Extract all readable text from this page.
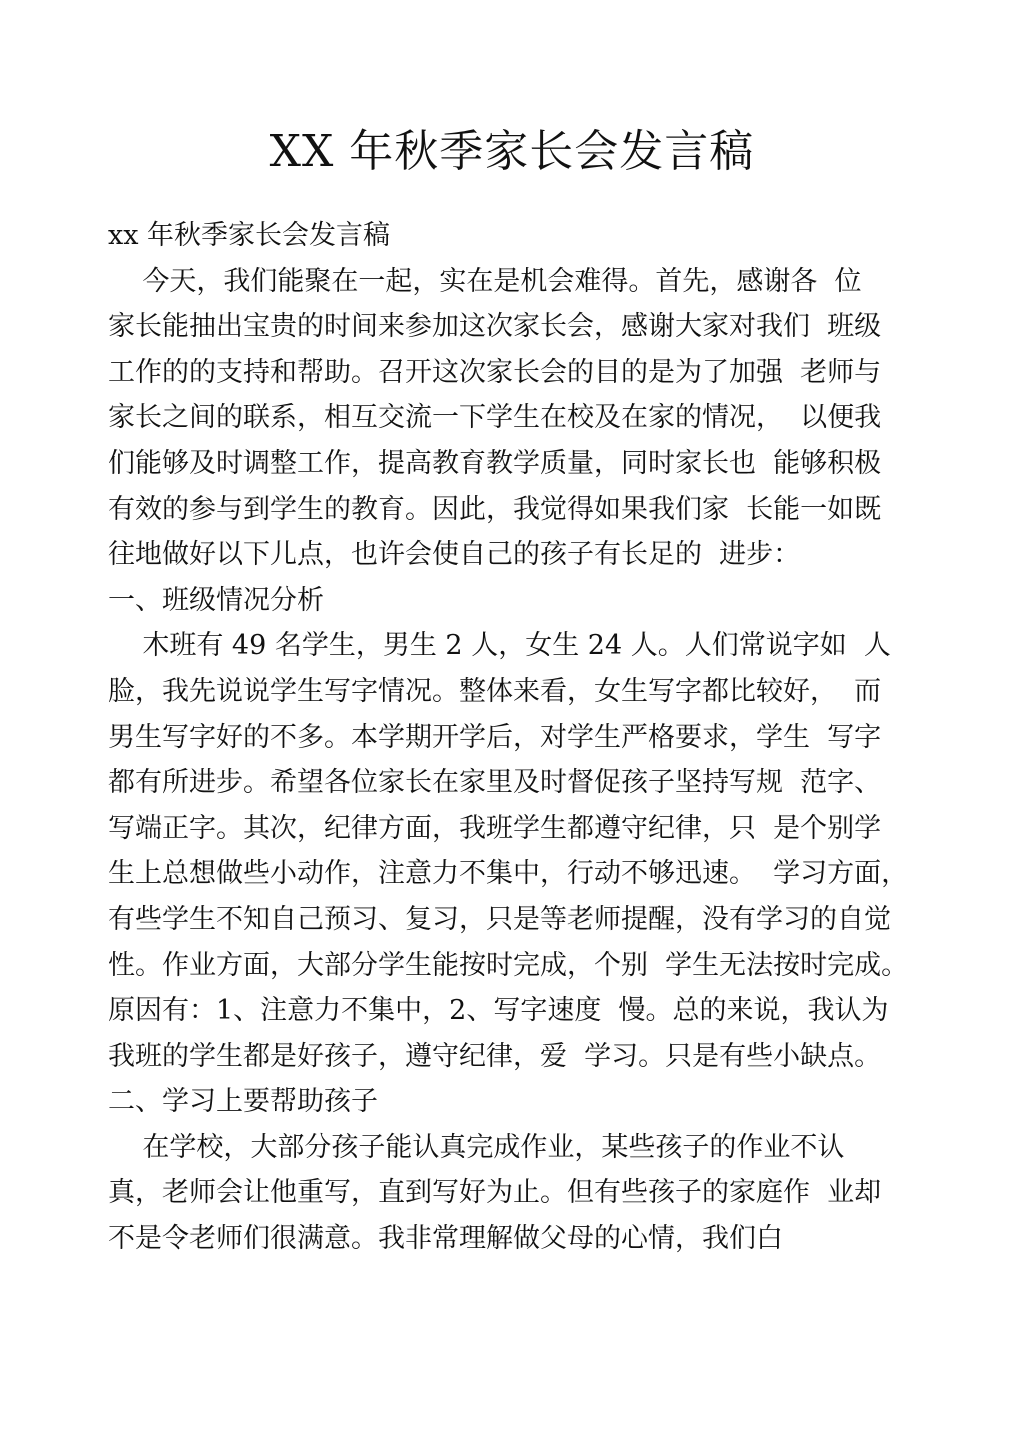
XX 年秋季家长会发言稿
xx 年秋季家长会发言稿
今天，我们能聚在一起，实在是机会难得。首先，感谢各  位
家长能抽出宝贵的时间来参加这次家长会，感谢大家对我们  班级
工作的的支持和帮助。召开这次家长会的目的是为了加强  老师与
家长之间的联系，相互交流一下学生在校及在家的情况，  以便我
们能够及时调整工作，提高教育教学质量，同时家长也  能够积极
有效的参与到学生的教育。因此，我觉得如果我们家  长能一如既
往地做好以下儿点，也许会使自己的孩子有长足的  进步：
一、班级情况分析
木班有 49 名学生，男生 2 人，女生 24 人。人们常说字如  人
脸，我先说说学生写字情况。整体来看，女生写字都比较好，  而
男生写字好的不多。本学期开学后，对学生严格要求，学生  写字
都有所进步。希望各位家长在家里及时督促孩子坚持写规  范字、
写端正字。其次，纪律方面，我班学生都遵守纪律，只  是个别学
生上总想做些小动作，注意力不集中，行动不够迅速。  学习方面，
有些学生不知自己预习、复习，只是等老师提醒，没有学习的自觉
性。作业方面，大部分学生能按时完成，个别  学生无法按时完成。
原因有：1、注意力不集中，2、写字速度  慢。总的来说，我认为
我班的学生都是好孩子，遵守纪律，爱  学习。只是有些小缺点。
二、学习上要帮助孩子
在学校，大部分孩子能认真完成作业，某些孩子的作业不认
真，老师会让他重写，直到写好为止。但有些孩子的家庭作  业却
不是令老师们很满意。我非常理解做父母的心情，我们白
